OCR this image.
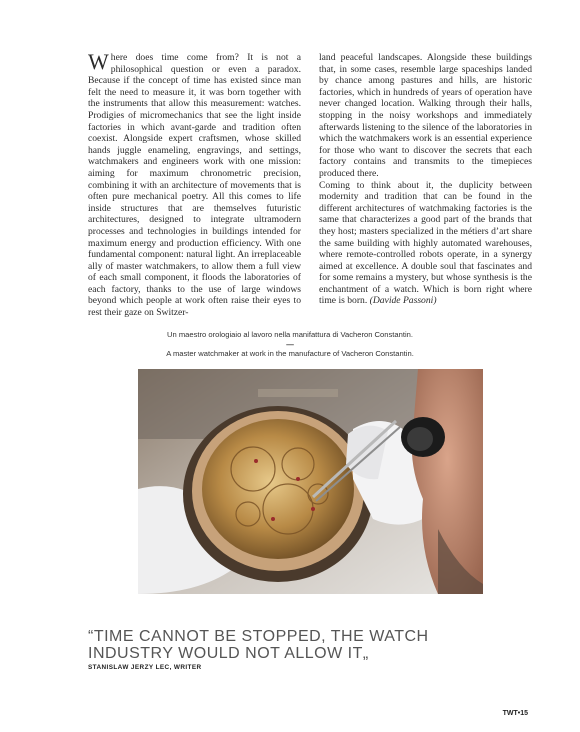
Where does time come from? It is not a philosophical question or even a paradox. Because if the concept of time has existed since man felt the need to measure it, it was born together with the instruments that allow this measurement: watches. Prodigies of micromechanics that see the light inside factories in which avant-garde and tradition often coexist. Alongside expert craftsmen, whose skilled hands juggle enameling, engravings, and settings, watchmakers and engineers work with one mission: aiming for maximum chronometric precision, combining it with an architecture of movements that is often pure mechanical poetry. All this comes to life inside structures that are themselves futuristic architectures, designed to integrate ultramodern processes and technologies in buildings intended for maximum energy and production efficiency. With one fundamental component: natural light. An irreplaceable ally of master watchmakers, to allow them a full view of each small component, it floods the laboratories of each factory, thanks to the use of large windows beyond which people at work often raise their eyes to rest their gaze on Switzer-

land peaceful landscapes. Alongside these buildings that, in some cases, resemble large spaceships landed by chance among pastures and hills, are historic factories, which in hundreds of years of operation have never changed location. Walking through their halls, stopping in the noisy workshops and immediately afterwards listening to the silence of the laboratories in which the watchmakers work is an essential experience for those who want to discover the secrets that each factory contains and transmits to the timepieces produced there.

Coming to think about it, the duplicity between modernity and tradition that can be found in the different architectures of watchmaking factories is the same that characterizes a good part of the brands that they host; masters specialized in the métiers d’art share the same building with highly automated warehouses, where remote-controlled robots operate, in a synergy aimed at excellence. A double soul that fascinates and for some remains a mystery, but whose synthesis is the enchantment of a watch. Which is born right where time is born. (Davide Passoni)

Un maestro orologiaio al lavoro nella manifattura di Vacheron Constantin.
—
A master watchmaker at work in the manufacture of Vacheron Constantin.

“TIME CANNOT BE STOPPED, THE WATCH INDUSTRY WOULD NOT ALLOW IT„

STANISLAW JERZY LEC, WRITER
TWT•15
